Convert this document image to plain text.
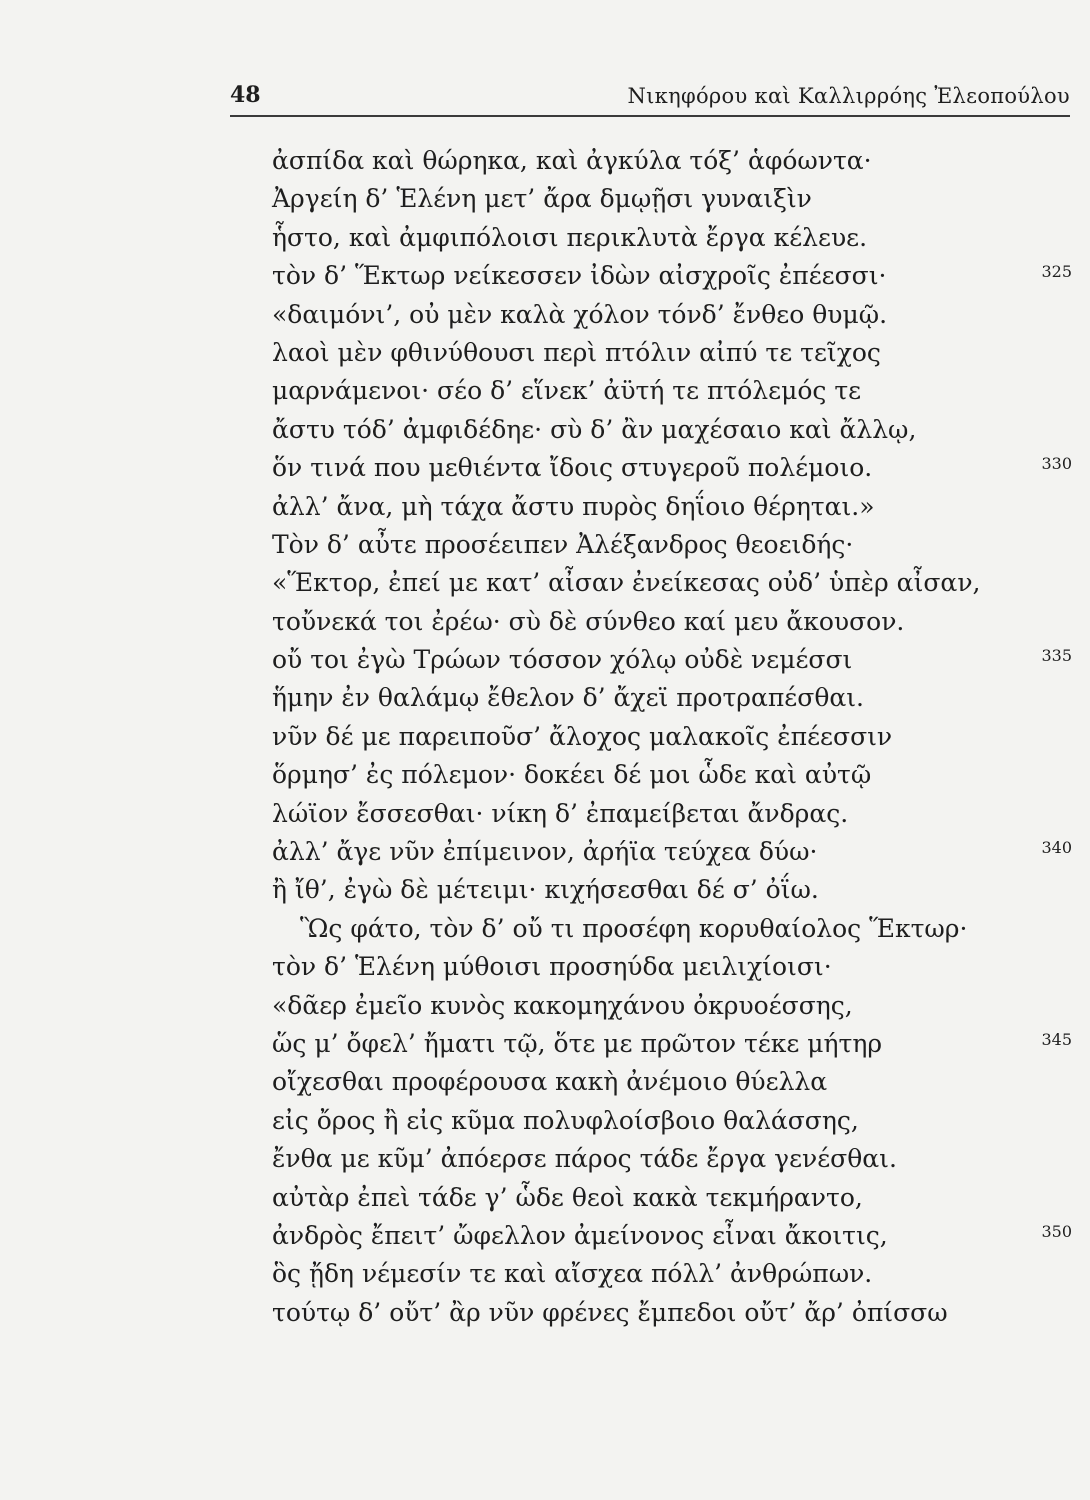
48	Νικηφόρου καὶ Καλλιρρόης Ἐλεοπούλου
ἀσπίδα καὶ θώρηκα, καὶ ἀγκύλα τόξ’ ἁφόωντα·
Ἀργείη δ’ Ἑλένη μετ’ ἄρα δμῳῇσι γυναιξὶν
ἧστο, καὶ ἀμφιπόλοισι περικλυτὰ ἔργα κέλευε.
τὸν δ’ Ἕκτωρ νείκεσσεν ἰδὼν αἰσχροῖς ἐπέεσσι·	325
«δαιμόνι’, οὐ μὲν καλὰ χόλον τόνδ’ ἔνθεο θυμῷ.
λαοὶ μὲν φθινύθουσι περὶ πτόλιν αἰπύ τε τεῖχος
μαρνάμενοι· σέο δ’ εἵνεκ’ ἀϋτή τε πτόλεμός τε
ἄστυ τόδ’ ἀμφιδέδηε· σὺ δ’ ἂν μαχέσαιο καὶ ἄλλῳ,
ὅν τινά που μεθιέντα ἴδοις στυγεροῦ πολέμοιο.	330
ἀλλ’ ἄνα, μὴ τάχα ἄστυ πυρὸς δηΐοιο θέρηται.»
Τὸν δ’ αὖτε προσέειπεν Ἀλέξανδρος θεοειδής·
«Ἕκτορ, ἐπεί με κατ’ αἶσαν ἐνείκεσας οὐδ’ ὑπὲρ αἶσαν,
τοὔνεκά τοι ἐρέω· σὺ δὲ σύνθεο καί μευ ἄκουσον.
οὔ τοι ἐγὼ Τρώων τόσσον χόλῳ οὐδὲ νεμέσσι	335
ἥμην ἐν θαλάμῳ ἔθελον δ’ ἄχεϊ προτραπέσθαι.
νῦν δέ με παρειποῦσ’ ἄλοχος μαλακοῖς ἐπέεσσιν
ὅρμησ’ ἐς πόλεμον· δοκέει δέ μοι ὧδε καὶ αὐτῷ
λώϊον ἔσσεσθαι· νίκη δ’ ἐπαμείβεται ἄνδρας.
ἀλλ’ ἄγε νῦν ἐπίμεινον, ἀρήϊα τεύχεα δύω·	340
ἢ ἴθ’, ἐγὼ δὲ μέτειμι· κιχήσεσθαι δέ σ’ ὀΐω.
Ὣς φάτο, τὸν δ’ οὔ τι προσέφη κορυθαίολος Ἕκτωρ·
τὸν δ’ Ἑλένη μύθοισι προσηύδα μειλιχίοισι·
«δᾶερ ἐμεῖο κυνὸς κακομηχάνου ὀκρυοέσσης,
ὥς μ’ ὄφελ’ ἤματι τῷ, ὅτε με πρῶτον τέκε μήτηρ	345
οἴχεσθαι προφέρουσα κακὴ ἀνέμοιο θύελλα
εἰς ὄρος ἢ εἰς κῦμα πολυφλοίσβοιο θαλάσσης,
ἔνθα με κῦμ’ ἀπόερσε πάρος τάδε ἔργα γενέσθαι.
αὐτὰρ ἐπεὶ τάδε γ’ ὧδε θεοὶ κακὰ τεκμήραντο,
ἀνδρὸς ἔπειτ’ ὤφελλον ἀμείνονος εἶναι ἄκοιτις,	350
ὃς ᾔδη νέμεσίν τε καὶ αἴσχεα πόλλ’ ἀνθρώπων.
τούτῳ δ’ οὔτ’ ἂρ νῦν φρένες ἔμπεδοι οὔτ’ ἄρ’ ὀπίσσω
